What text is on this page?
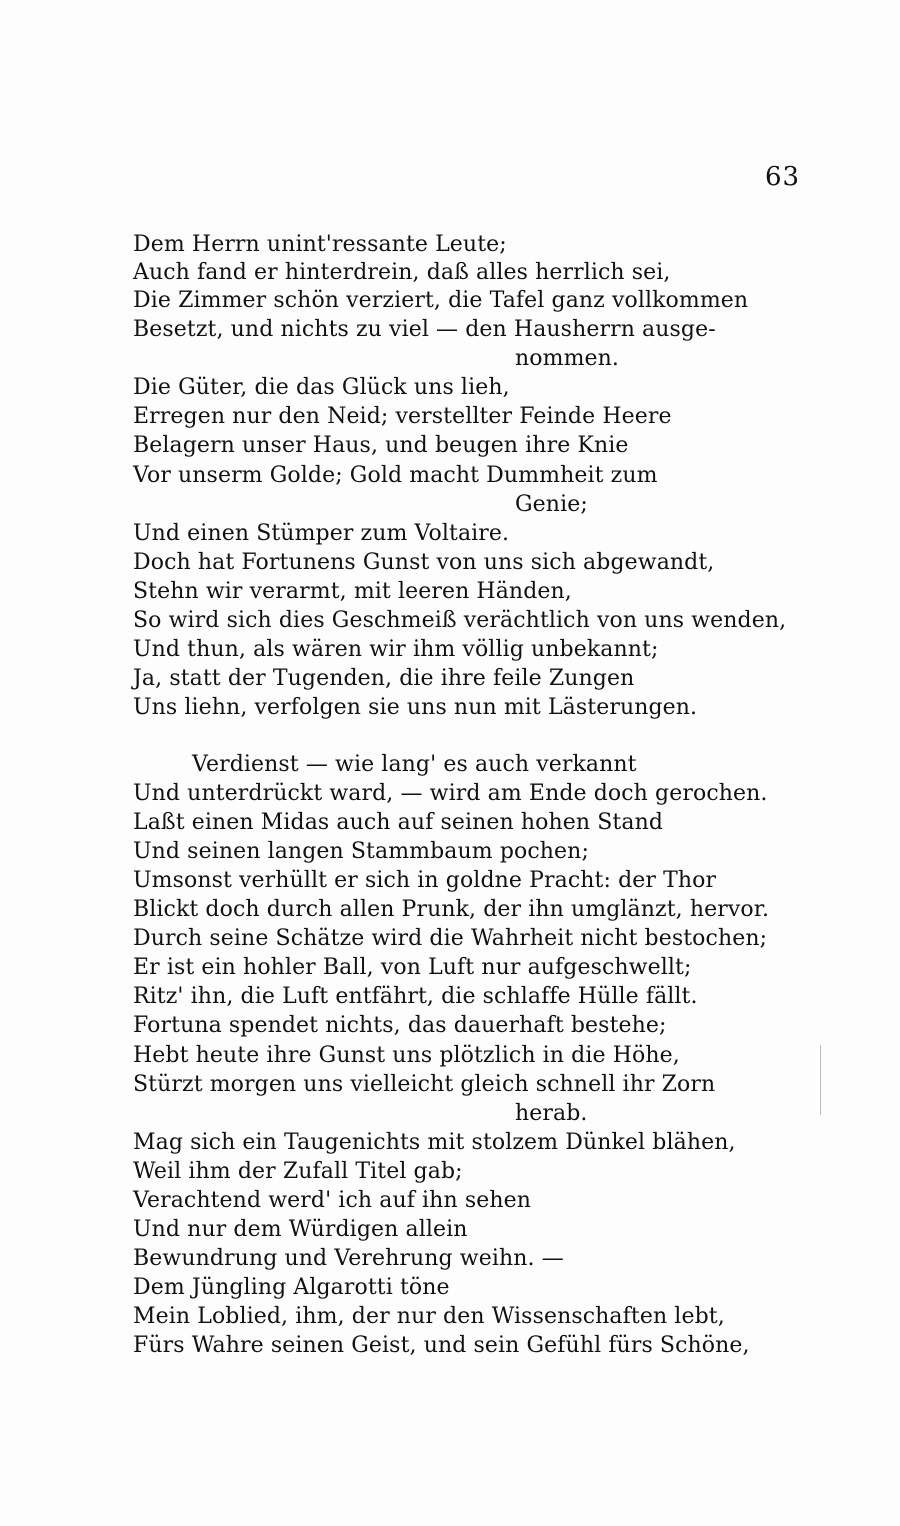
63
Dem Herrn unint'ressante Leute;
Auch fand er hinterdrein, daß alles herrlich sei,
Die Zimmer schön verziert, die Tafel ganz vollkommen
Besetzt, und nichts zu viel — den Hausherrn ausge-
nommen.
Die Güter, die das Glück uns lieh,
Erregen nur den Neid; verstellter Feinde Heere
Belagern unser Haus, und beugen ihre Knie
Vor unserm Golde; Gold macht Dummheit zum
Genie;
Und einen Stümper zum Voltaire.
Doch hat Fortunens Gunst von uns sich abgewandt,
Stehn wir verarmt, mit leeren Händen,
So wird sich dies Geschmeiß verächtlich von uns wenden,
Und thun, als wären wir ihm völlig unbekannt;
Ja, statt der Tugenden, die ihre feile Zungen
Uns liehn, verfolgen sie uns nun mit Lästerungen.
Verdienst — wie lang' es auch verkannt
Und unterdrückt ward, — wird am Ende doch gerochen.
Laßt einen Midas auch auf seinen hohen Stand
Und seinen langen Stammbaum pochen;
Umsonst verhüllt er sich in goldne Pracht: der Thor
Blickt doch durch allen Prunk, der ihn umglänzt, hervor.
Durch seine Schätze wird die Wahrheit nicht bestochen;
Er ist ein hohler Ball, von Luft nur aufgeschwellt;
Ritz' ihn, die Luft entfährt, die schlaffe Hülle fällt.
Fortuna spendet nichts, das dauerhaft bestehe;
Hebt heute ihre Gunst uns plötzlich in die Höhe,
Stürzt morgen uns vielleicht gleich schnell ihr Zorn
herab.
Mag sich ein Taugenichts mit stolzem Dünkel blähen,
Weil ihm der Zufall Titel gab;
Verachtend werd' ich auf ihn sehen
Und nur dem Würdigen allein
Bewundrung und Verehrung weihn. —
Dem Jüngling Algarotti töne
Mein Loblied, ihm, der nur den Wissenschaften lebt,
Fürs Wahre seinen Geist, und sein Gefühl fürs Schöne,
